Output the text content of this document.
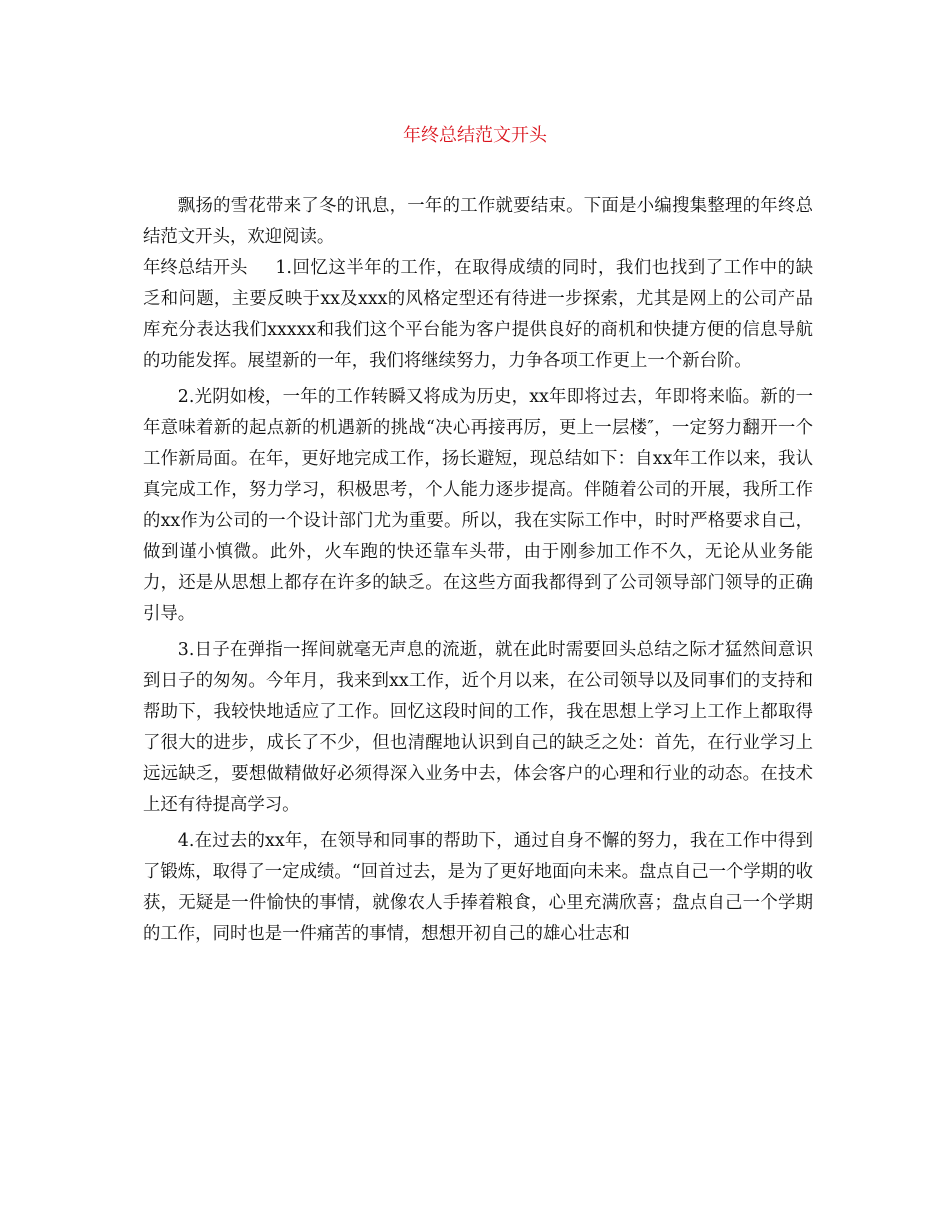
年终总结范文开头

飘扬的雪花带来了冬的讯息，一年的工作就要结束。下面是小编搜集整理的年终总结范文开头，欢迎阅读。

年终总结开头 1.回忆这半年的工作，在取得成绩的同时，我们也找到了工作中的缺乏和问题，主要反映于xx及xxx的风格定型还有待进一步探索，尤其是网上的公司产品库充分表达我们xxxxx和我们这个平台能为客户提供良好的商机和快捷方便的信息导航的功能发挥。展望新的一年，我们将继续努力，力争各项工作更上一个新台阶。

2.光阴如梭，一年的工作转瞬又将成为历史，xx年即将过去，年即将来临。新的一年意味着新的起点新的机遇新的挑战“决心再接再厉，更上一层楼″，一定努力翻开一个工作新局面。在年，更好地完成工作，扬长避短，现总结如下：自xx年工作以来，我认真完成工作，努力学习，积极思考，个人能力逐步提高。伴随着公司的开展，我所工作的xx作为公司的一个设计部门尤为重要。所以，我在实际工作中，时时严格要求自己，做到谨小慎微。此外，火车跑的快还靠车头带，由于刚参加工作不久，无论从业务能力，还是从思想上都存在许多的缺乏。在这些方面我都得到了公司领导部门领导的正确引导。

3.日子在弹指一挥间就毫无声息的流逝，就在此时需要回头总结之际才猛然间意识到日子的匆匆。今年月，我来到xx工作，近个月以来，在公司领导以及同事们的支持和帮助下，我较快地适应了工作。回忆这段时间的工作，我在思想上学习上工作上都取得了很大的进步，成长了不少，但也清醒地认识到自己的缺乏之处：首先，在行业学习上远远缺乏，要想做精做好必须得深入业务中去，体会客户的心理和行业的动态。在技术上还有待提高学习。

4.在过去的xx年，在领导和同事的帮助下，通过自身不懈的努力，我在工作中得到了锻炼，取得了一定成绩。“回首过去，是为了更好地面向未来。盘点自己一个学期的收获，无疑是一件愉快的事情，就像农人手捧着粮食，心里充满欣喜；盘点自己一个学期的工作，同时也是一件痛苦的事情，想想开初自己的雄心壮志和
